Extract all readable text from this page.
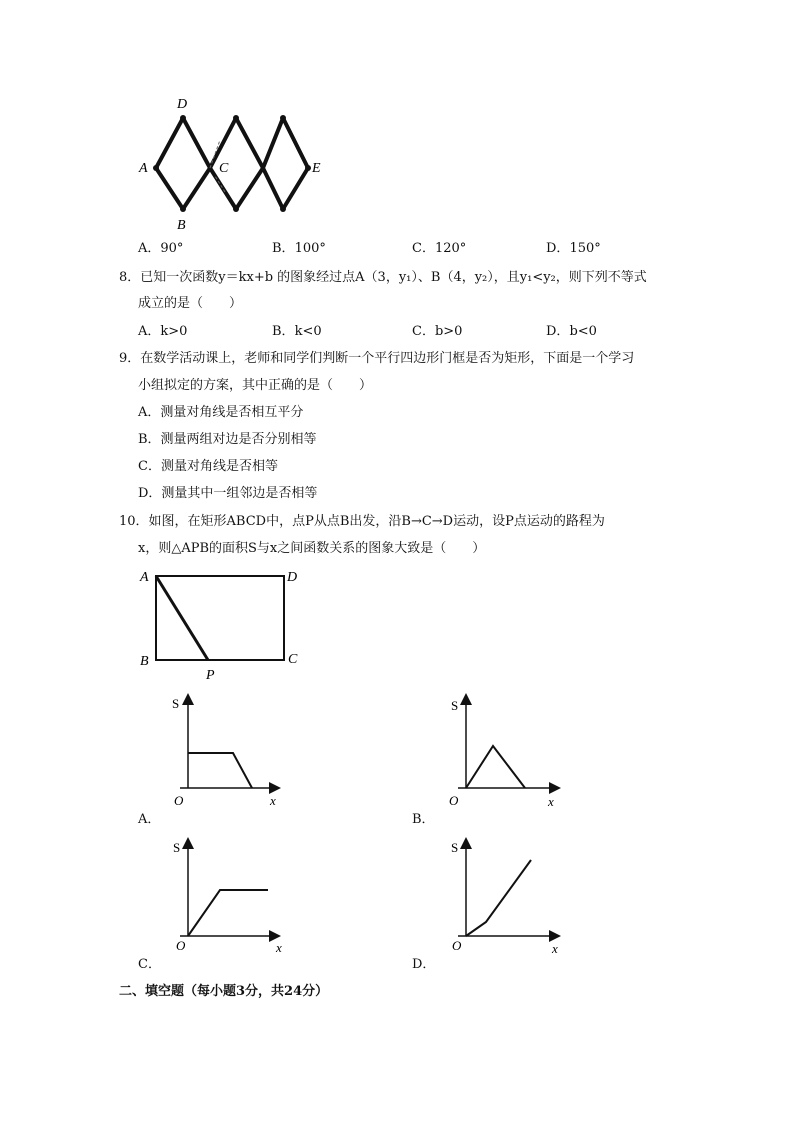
D
A	C	E
B
A．90°	B．100°	C．120°	D．150°
8．已知一次函数y＝kx+b 的图象经过点A（3，y₁）、B（4，y₂），且y₁<y₂，则下列不等式
成立的是（　　）
A．k>0	B．k<0	C．b>0	D．b<0
9．在数学活动课上，老师和同学们判断一个平行四边形门框是否为矩形，下面是一个学习
小组拟定的方案，其中正确的是（　　）
A．测量对角线是否相互平分
B．测量两组对边是否分别相等
C．测量对角线是否相等
D．测量其中一组邻边是否相等
10．如图，在矩形ABCD中，点P从点B出发，沿B→C→D运动，设P点运动的路程为
x，则△APB的面积S与x之间函数关系的图象大致是（　　）
A	D
B	C
P
S
O	x
A．
S
O	x
B．
S
O	x
C．
S
O	x
D．
二、填空题（每小题3分，共24分）
